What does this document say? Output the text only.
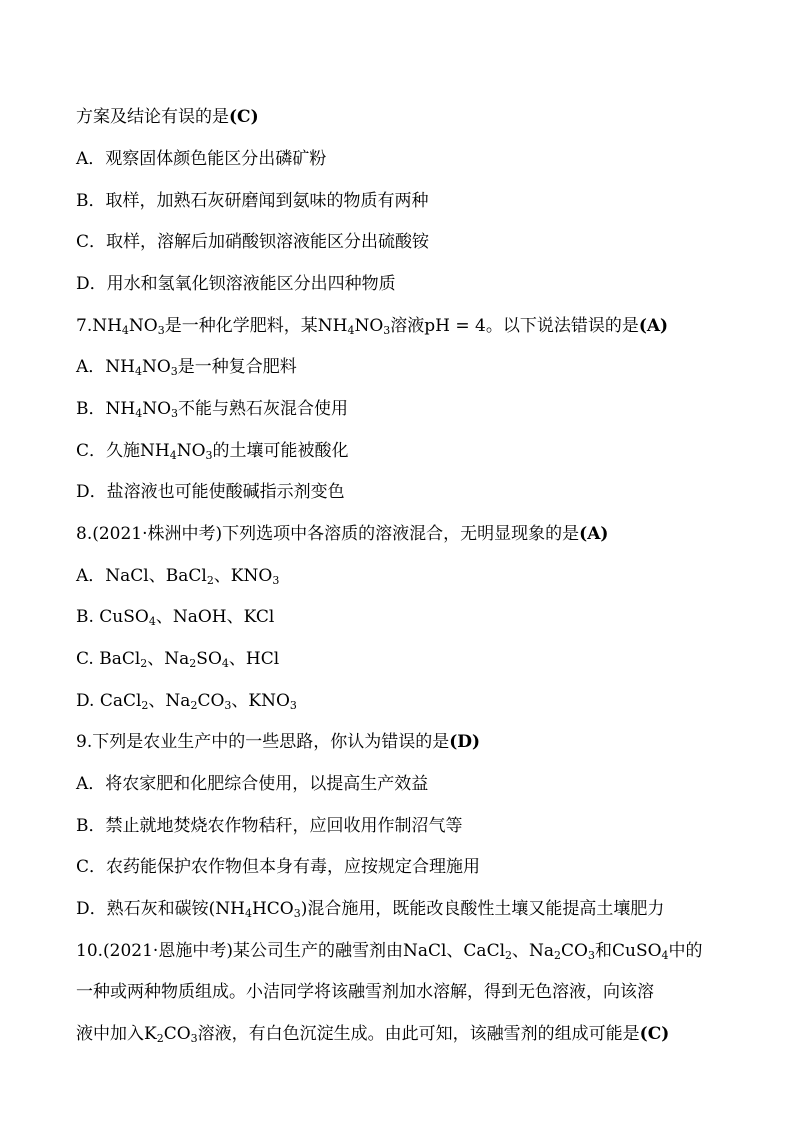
方案及结论有误的是(C)
A．观察固体颜色能区分出磷矿粉
B．取样，加熟石灰研磨闻到氨味的物质有两种
C．取样，溶解后加硝酸钡溶液能区分出硫酸铵
D．用水和氢氧化钡溶液能区分出四种物质
$7.NH_4NO_3$是一种化学肥料，某$NH_4NO_3$溶液pH = 4。以下说法错误的是(A)
A．$NH_4NO_3$是一种复合肥料
B．$NH_4NO_3$不能与熟石灰混合使用
C．久施$NH_4NO_3$的土壤可能被酸化
D．盐溶液也可能使酸碱指示剂变色
8.(2021·株洲中考)下列选项中各溶质的溶液混合，无明显现象的是(A)
A．NaCl、BaCl$_2$、$KNO_3$
B. CuSO$_4$、NaOH、KCl
C. BaCl$_2$、$Na_2SO_4$、HCl
D. CaCl$_2$、$Na_2CO_3$、$KNO_3$
9.下列是农业生产中的一些思路，你认为错误的是(D)
A．将农家肥和化肥综合使用，以提高生产效益
B．禁止就地焚烧农作物秸秆，应回收用作制沼气等
C．农药能保护农作物但本身有毒，应按规定合理施用
D．熟石灰和碳铵$(NH_4HCO_3)$混合施用，既能改良酸性土壤又能提高土壤肥力
10.(2021·恩施中考)某公司生产的融雪剂由NaCl、CaCl$_2$、$Na_2CO_3$和CuSO$_4$中的
一种或两种物质组成。小洁同学将该融雪剂加水溶解，得到无色溶液，向该溶
液中加入$K_2CO_3$溶液，有白色沉淀生成。由此可知，该融雪剂的组成可能是(C)
